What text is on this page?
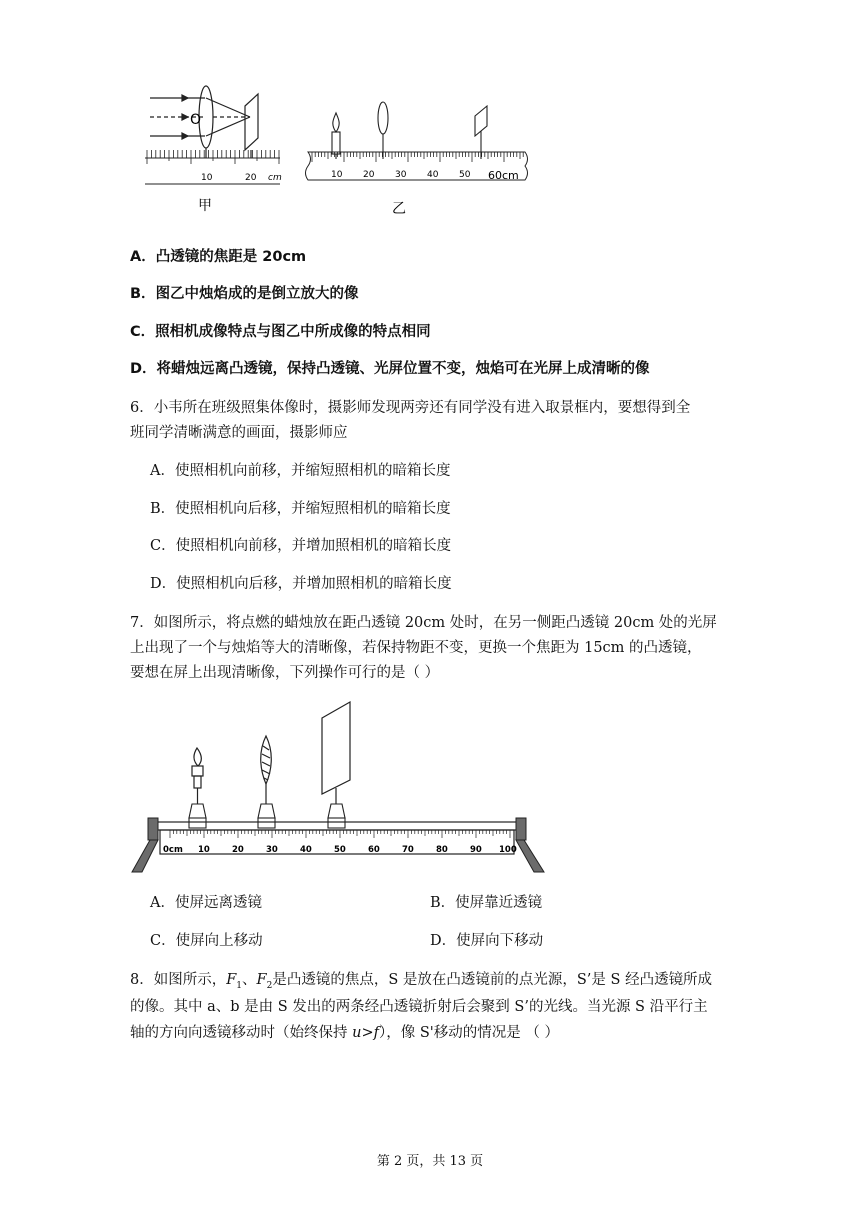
O
10	20 cm
甲
10 20 30 40 50 60cm
乙
A．凸透镜的焦距是 20cm
B．图乙中烛焰成的是倒立放大的像
C．照相机成像特点与图乙中所成像的特点相同
D．将蜡烛远离凸透镜，保持凸透镜、光屏位置不变，烛焰可在光屏上成清晰的像
6．小韦所在班级照集体像时，摄影师发现两旁还有同学没有进入取景框内，要想得到全
班同学清晰满意的画面，摄影师应
A．使照相机向前移，并缩短照相机的暗箱长度
B．使照相机向后移，并缩短照相机的暗箱长度
C．使照相机向前移，并增加照相机的暗箱长度
D．使照相机向后移，并增加照相机的暗箱长度
7．如图所示，将点燃的蜡烛放在距凸透镜 20cm 处时，在另一侧距凸透镜 20cm 处的光屏
上出现了一个与烛焰等大的清晰像，若保持物距不变，更换一个焦距为 15cm 的凸透镜，
要想在屏上出现清晰像，下列操作可行的是（ ）
0cm 10	20	30	40	50	60	70	80	90 100
A．使屏远离透镜	B．使屏靠近透镜
C．使屏向上移动	D．使屏向下移动
8．如图所示，$F_1$、$F_2$是凸透镜的焦点，S 是放在凸透镜前的点光源，S’是 S 经凸透镜所成
的像。其中 a、b 是由 S 发出的两条经凸透镜折射后会聚到 S’的光线。当光源 S 沿平行主
轴的方向向透镜移动时（始终保持 u>f），像 S'移动的情况是 （ ）
第 2 页，共 13 页
